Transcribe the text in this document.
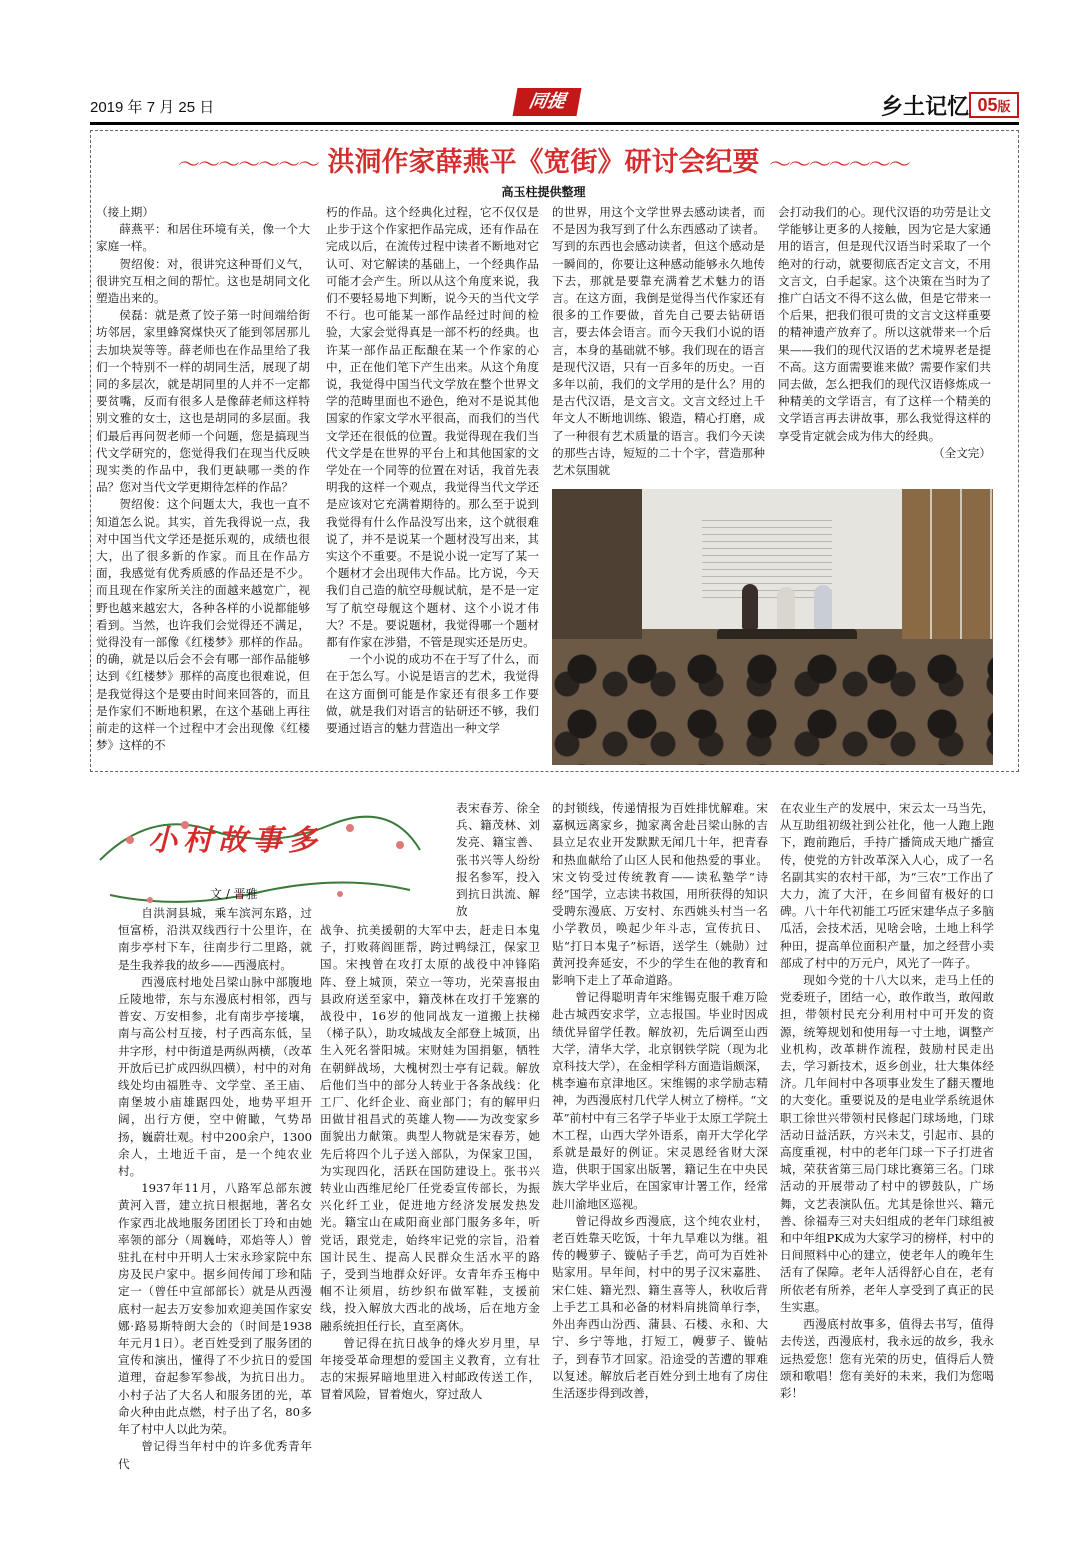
2019 年 7 月 25 日	同提	乡土记忆 05版
～～～～～～～ 洪洞作家薛燕平《宽街》研讨会纪要 ～～～～～～～
高玉柱提供整理

（接上期）

薛燕平：和居住环境有关，像一个大家庭一样。

贺绍俊：对，很讲究这种哥们义气，很讲究互相之间的帮忙。这也是胡同文化塑造出来的。

侯磊：就是煮了饺子第一时间端给街坊邻居，家里蜂窝煤快灭了能到邻居那儿去加块炭等等。薛老师也在作品里给了我们一个特别不一样的胡同生活，展现了胡同的多层次，就是胡同里的人并不一定都要贫嘴，反而有很多人是像薛老师这样特别文雅的女士，这也是胡同的多层面。我们最后再问贺老师一个问题，您是搞现当代文学研究的，您觉得我们在现当代反映现实类的作品中，我们更缺哪一类的作品？您对当代文学更期待怎样的作品？

贺绍俊：这个问题太大，我也一直不知道怎么说。其实，首先我得说一点，我对中国当代文学还是挺乐观的，成绩也很大，出了很多新的作家。而且在作品方面，我感觉有优秀质感的作品还是不少。而且现在作家所关注的面越来越宽广，视野也越来越宏大，各种各样的小说都能够看到。当然，也许我们会觉得还不满足，觉得没有一部像《红楼梦》那样的作品。的确，就是以后会不会有哪一部作品能够达到《红楼梦》那样的高度也很难说，但是我觉得这个是要由时间来回答的，而且是作家们不断地积累，在这个基础上再往前走的这样一个过程中才会出现像《红楼梦》这样的不

朽的作品。这个经典化过程，它不仅仅是止步于这个作家把作品完成，还有作品在完成以后，在流传过程中读者不断地对它认可、对它解读的基础上，一个经典作品可能才会产生。所以从这个角度来说，我们不要轻易地下判断，说今天的当代文学不行。也可能某一部作品经过时间的检验，大家会觉得真是一部不朽的经典。也许某一部作品正酝酿在某一个作家的心中，正在他们笔下产生出来。从这个角度说，我觉得中国当代文学放在整个世界文学的范畴里面也不逊色，绝对不是说其他国家的作家文学水平很高，而我们的当代文学还在很低的位置。我觉得现在我们当代文学是在世界的平台上和其他国家的文学处在一个同等的位置在对话，我首先表明我的这样一个观点，我觉得当代文学还是应该对它充满着期待的。那么至于说到我觉得有什么作品没写出来，这个就很难说了，并不是说某一个题材没写出来，其实这个不重要。不是说小说一定写了某一个题材才会出现伟大作品。比方说，今天我们自己造的航空母舰试航，是不是一定写了航空母舰这个题材、这个小说才伟大？不是。要说题材，我觉得哪一个题材都有作家在涉猎，不管是现实还是历史。

一个小说的成功不在于写了什么，而在于怎么写。小说是语言的艺术，我觉得在这方面倒可能是作家还有很多工作要做，就是我们对语言的钻研还不够，我们要通过语言的魅力营造出一种文学

的世界，用这个文学世界去感动读者，而不是因为我写到了什么东西感动了读者。写到的东西也会感动读者，但这个感动是一瞬间的，你要让这种感动能够永久地传下去，那就是要靠充满着艺术魅力的语言。在这方面，我倒是觉得当代作家还有很多的工作要做，首先自己要去钻研语言，要去体会语言。而今天我们小说的语言，本身的基础就不够。我们现在的语言是现代汉语，只有一百多年的历史。一百多年以前，我们的文学用的是什么？用的是古代汉语，是文言文。文言文经过上千年文人不断地训练、锻造，精心打磨，成了一种很有艺术质量的语言。我们今天读的那些古诗，短短的二十个字，营造那种艺术氛围就

会打动我们的心。现代汉语的功劳是让文学能够让更多的人接触，因为它是大家通用的语言，但是现代汉语当时采取了一个绝对的行动，就要彻底否定文言文，不用文言文，白手起家。这个决策在当时为了推广白话文不得不这么做，但是它带来一个后果，把我们很可贵的文言文这样重要的精神遗产放弃了。所以这就带来一个后果——我们的现代汉语的艺术境界老是提不高。这方面需要谁来做？需要作家们共同去做，怎么把我们的现代汉语修炼成一种精美的文学语言，有了这样一个精美的文学语言再去讲故事，那么我觉得这样的享受肯定就会成为伟大的经典。

（全文完）

小村故事多
文 / 晋雅

自洪洞县城，乘车滨河东路，过恒富桥，沿洪双线西行十公里许，在南步亭村下车，往南步行二里路，就是生我养我的故乡——西漫底村。

西漫底村地处吕梁山脉中部腹地丘陵地带，东与东漫底村相邻，西与普安、万安相参，北有南步亭接壤，南与高公村互接，村子西高东低，呈井字形，村中街道是两纵两横，（改革开放后已扩成四纵四横），村中的对角线处均由福胜寺、文学堂、圣王庙、南堡坡小庙雄踞四处，地势平坦开阔，出行方便，空中俯瞰，气势昂扬，巍蔚壮观。村中200余户，1300余人，土地近千亩，是一个纯农业村。

1937年11月，八路军总部东渡黄河入晋，建立抗日根据地，著名女作家西北战地服务团团长丁玲和由她率领的部分（周巍峙，邓焰等人）曾驻扎在村中开明人士宋永珍家院中东房及民户家中。据乡间传闻丁珍和陆定一（曾任中宣部部长）就是从西漫底村一起去万安参加欢迎美国作家安娜·路易斯特朗大会的（时间是1938年元月1日）。老百姓受到了服务团的宣传和演出，懂得了不少抗日的爱国道理，奋起参军参战，为抗日出力。小村子沾了大名人和服务团的光，革命火种由此点燃，村子出了名，80多年了村中人以此为荣。

曾记得当年村中的许多优秀青年代

表宋春芳、徐全兵、籍茂林、刘发亮、籍宝善、张书兴等人纷纷报名参军，投入到抗日洪流、解放

战争、抗美援朝的大军中去，赶走日本鬼子，打败蒋阎匪帮，跨过鸭绿江，保家卫国。宋拽曾在攻打太原的战役中冲锋陷阵、登上城顶，荣立一等功，光荣喜报由县政府送至家中，籍茂林在攻打千笼寨的战役中，16岁的他同战友一道搬上扶梯（梯子队），助攻城战友全部登上城顶，出生入死名誉阳城。宋财娃为国捐躯，牺牲在朝鲜战场，大槐树烈士亭有记载。解放后他们当中的部分人转业于各条战线：化工厂、化纤企业、商业部门；有的解甲归田做甘祖昌式的英雄人物——为改变家乡面貌出力献策。典型人物就是宋春芳，她先后将四个儿子送入部队，为保家卫国，为实现四化，活跃在国防建设上。张书兴转业山西维尼纶厂任党委宣传部长，为振兴化纤工业，促进地方经济发展发热发光。籍宝山在咸阳商业部门服务多年，听党话，跟党走，始终牢记党的宗旨，沿着国计民生、提高人民群众生活水平的路子，受到当地群众好评。女青年乔玉梅中帼不让须眉，纺纱织布做军鞋，支援前线，投入解放大西北的战场，后在地方金融系统担任行长，直至离休。

曾记得在抗日战争的烽火岁月里，早年接受革命理想的爱国主义教育，立有壮志的宋振昇暗地里进入村邮政传送工作，冒着风险，冒着炮火，穿过敌人

的封锁线，传递情报为百姓排忧解难。宋嘉枫远离家乡，抛家离舍赴吕梁山脉的吉县立足农业开发默默无闻几十年，把青春和热血献给了山区人民和他热爱的事业。宋文钧受过传统教育——读私塾学“诗经”国学，立志读书救国，用所获得的知识受聘东漫底、万安村、东西姚头村当一名小学教员，唤起少年斗志，宣传抗日、贴“打日本鬼子”标语，送学生（姚勋）过黄河投奔延安，不少的学生在他的教育和影响下走上了革命道路。

曾记得聪明青年宋维锡克服千难万险赴古城西安求学，立志报国。毕业时因成绩优异留学任教。解放初，先后调至山西大学，清华大学，北京钢铁学院（现为北京科技大学），在金相学科方面造诣颇深，桃李遍布京津地区。宋维锡的求学励志精神，为西漫底村几代学人树立了榜样。“文革”前村中有三名学子毕业于太原工学院土木工程，山西大学外语系，南开大学化学系就是最好的例证。宋灵恩经省财大深造，供职于国家出版署，籍记生在中央民族大学毕业后，在国家审计署工作，经常赴川渝地区巡视。

曾记得故乡西漫底，这个纯农业村，老百姓靠天吃饭，十年九旱难以为继。祖传的幔萝子、镟帖子手艺，尚可为百姓补贴家用。早年间，村中的男子汉宋嘉胜、宋仁娃、籍光烈、籍生喜等人，秋收后背上手艺工具和必备的材料肩挑简单行李，外出奔西山汾西、蒲县、石楼、永和、大宁、乡宁等地，打短工，幔萝子、镟帖子，到春节才回家。沿途受的苦遭的罪难以复述。解放后老百姓分到土地有了房住生活逐步得到改善，

在农业生产的发展中，宋云太一马当先，从互助组初级社到公社化，他一人跑上跑下，跑前跑后，手持广播筒成天地广播宣传，使党的方针改革深入人心，成了一名名副其实的农村干部，为“三农”工作出了大力，流了大汗，在乡间留有极好的口碑。八十年代初能工巧匠宋建华点子多脑瓜活，会技术活，见啥会啥，土地上科学种田，提高单位面积产量，加之经营小卖部成了村中的万元户，风光了一阵子。

现如今党的十八大以来，走马上任的党委班子，团结一心，敢作敢当，敢闯敢担，带领村民充分利用村中可开发的资源，统筹规划和使用每一寸土地，调整产业机构，改革耕作流程，鼓励村民走出去，学习新技术，返乡创业，壮大集体经济。几年间村中各项事业发生了翻天覆地的大变化。重要说及的是电业学系统退休职工徐世兴带领村民修起门球场地，门球活动日益活跃，方兴未艾，引起市、县的高度重视，村中的老年门球一下子打进省城，荣获省第三局门球比赛第三名。门球活动的开展带动了村中的锣鼓队，广场舞，文艺表演队伍。尤其是徐世兴、籍元善、徐福寿三对夫妇组成的老年门球组被和中年组PK成为大家学习的榜样，村中的日间照料中心的建立，使老年人的晚年生活有了保障。老年人活得舒心自在，老有所依老有所养，老年人享受到了真正的民生实惠。

西漫底村故事多，值得去书写，值得去传送，西漫底村，我永远的故乡，我永远热爱您！您有光荣的历史，值得后人赞颂和歌唱！您有美好的未来，我们为您喝彩！
